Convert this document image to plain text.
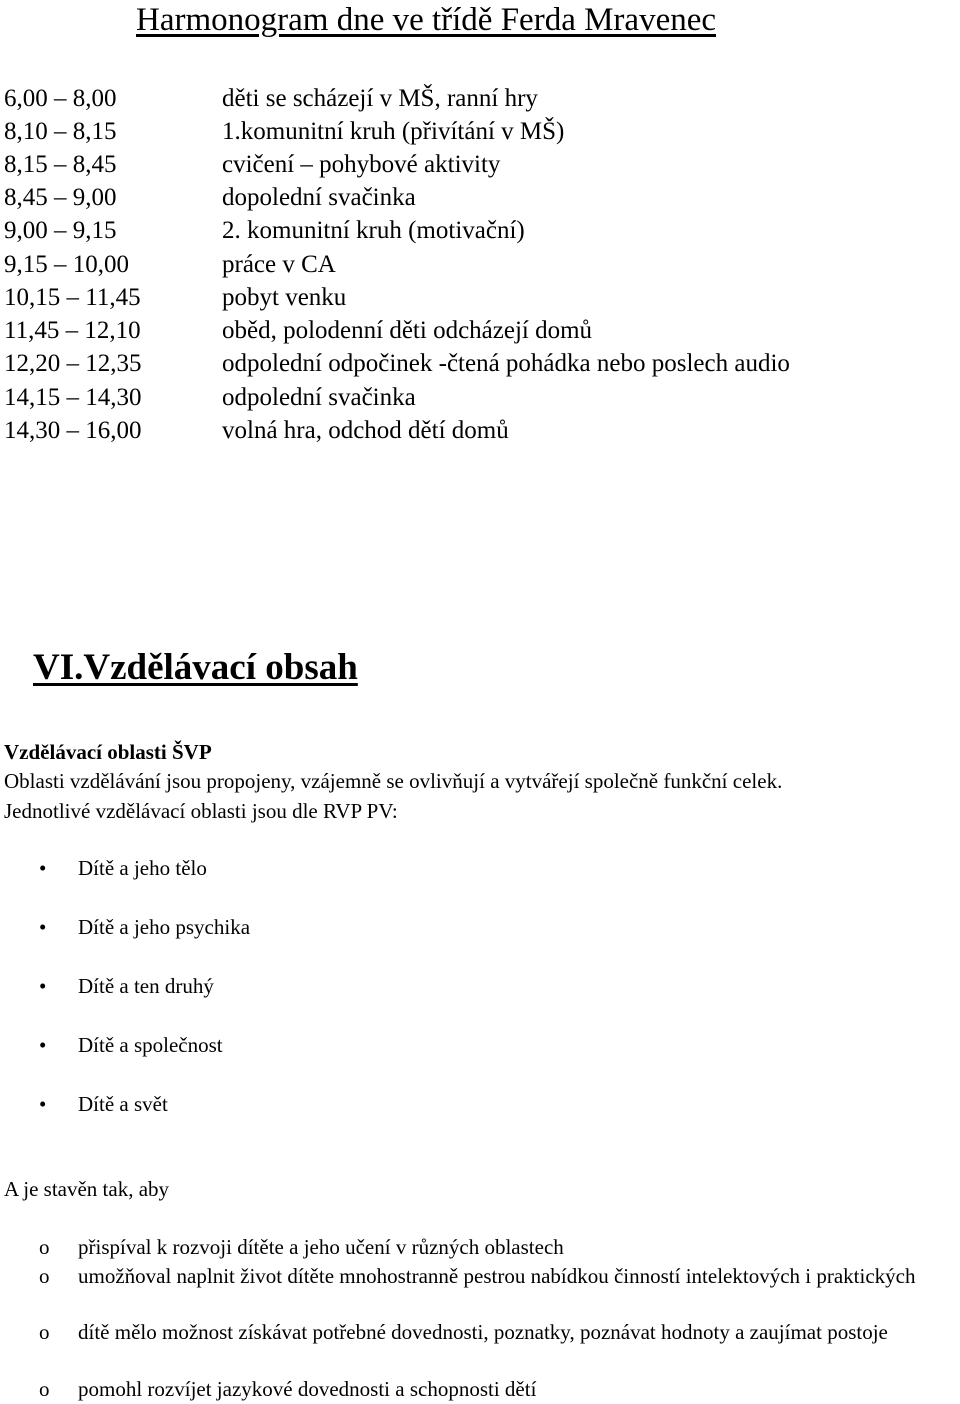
Harmonogram dne ve třídě Ferda Mravenec
6,00 – 8,00	děti se scházejí v MŠ, ranní hry
8,10 – 8,15	1.komunitní kruh (přivítání v MŠ)
8,15 – 8,45	cvičení – pohybové aktivity
8,45 – 9,00	dopolední svačinka
9,00 – 9,15	2. komunitní kruh (motivační)
9,15 – 10,00	práce v CA
10,15 – 11,45	pobyt venku
11,45 – 12,10	oběd, polodenní děti odcházejí domů
12,20 – 12,35	odpolední odpočinek -čtená pohádka nebo poslech audio
14,15 – 14,30	odpolední svačinka
14,30 – 16,00	volná hra, odchod dětí domů
VI.Vzdělávací obsah
Vzdělávací oblasti ŠVP
Oblasti vzdělávání jsou propojeny, vzájemně se ovlivňují a vytvářejí společně funkční celek.
Jednotlivé vzdělávací oblasti jsou dle RVP PV:
• Dítě a jeho tělo
• Dítě a jeho psychika
• Dítě a ten druhý
• Dítě a společnost
• Dítě a svět
A je stavěn tak, aby
o přispíval k rozvoji dítěte a jeho učení v různých oblastech
o umožňoval naplnit život dítěte mnohostranně pestrou nabídkou činností intelektových i praktických
o dítě mělo možnost získávat potřebné dovednosti, poznatky, poznávat hodnoty a zaujímat postoje
o pomohl rozvíjet jazykové dovednosti a schopnosti dětí
